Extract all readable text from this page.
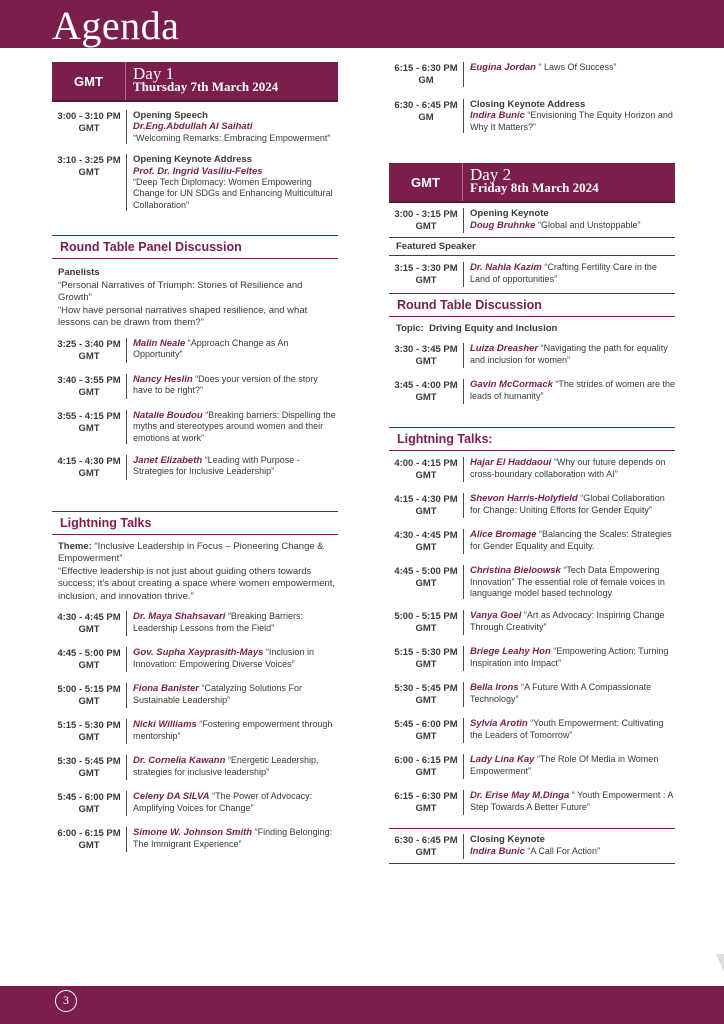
Agenda
GMT	Day 1
Thursday 7th March 2024
3:00 - 3:10 PM GMT
Opening Speech
Dr.Eng.Abdullah Al Saihati
“Welcoming Remarks: Embracing Empowerment”
3:10 - 3:25 PM GMT
Opening Keynote Address
Prof. Dr. Ingrid Vasiliu-Feltes
“Deep Tech Diplomacy: Women Empowering Change for UN SDGs and Enhancing Multicultural Collaboration”
Round Table Panel Discussion
Panelists
“Personal Narratives of Triumph: Stories of Resilience and Growth”
“How have personal narratives shaped resilience, and what lessons can be drawn from them?”
3:25 - 3:40 PM GMT
Malin Neale “Approach Change as An Opportunity”
3:40 - 3:55 PM GMT
Nancy Heslin “Does your version of the story have to be right?”
3:55 - 4:15 PM GMT
Natalie Boudou “Breaking barriers: Dispelling the myths and stereotypes around women and their emotions at work”
4:15 - 4:30 PM GMT
Janet Elizabeth “Leading with Purpose - Strategies for Inclusive Leadership”
Lightning Talks
Theme: “Inclusive Leadership in Focus – Pioneering Change & Empowerment”
“Effective leadership is not just about guiding others towards success; it’s about creating a space where women empowerment, inclusion, and innovation thrive.”
4:30 - 4:45 PM GMT
Dr. Maya Shahsavari “Breaking Barriers: Leadership Lessons from the Field”
4:45 - 5:00 PM GMT
Gov. Supha Xayprasith-Mays “Inclusion in Innovation: Empowering Diverse Voices”
5:00 - 5:15 PM GMT
Fiona Banister “Catalyzing Solutions For Sustainable Leadership”
5:15 - 5:30 PM GMT
Nicki Williams “Fostering empowerment through mentorship”
5:30 - 5:45 PM GMT
Dr. Cornelia Kawann “Energetic Leadership, strategies for inclusive leadership”
5:45 - 6:00 PM GMT
Celeny DA SILVA “The Power of Advocacy: Amplifying Voices for Change”
6:00 - 6:15 PM GMT
Simone W. Johnson Smith “Finding Belonging: The Immigrant Experience”
6:15 - 6:30 PM GM
Eugina Jordan “ Laws Of Success”
6:30 - 6:45 PM GM
Closing Keynote Address
Indira Bunic “Envisioning The Equity Horizon and Why It Matters?”
GMT	Day 2
Friday 8th March 2024
3:00 - 3:15 PM GMT
Opening Keynote
Doug Bruhnke “Global and Unstoppable”
Featured Speaker
3:15 - 3:30 PM GMT
Dr. Nahla Kazim “Crafting Fertility Care in the Land of opportunities”
Round Table Discussion
Topic: Driving Equity and Inclusion
3:30 - 3:45 PM GMT
Luiza Dreasher “Navigating the path for equality and inclusion for women”
3:45 - 4:00 PM GMT
Gavin McCormack “The strides of women are the leads of humanity”
Lightning Talks:
4:00 - 4:15 PM GMT
Hajar El Haddaoui “Why our future depends on cross-boundary collaboration with AI”
4:15 - 4:30 PM GMT
Shevon Harris-Holyfield “Global Collaboration for Change: Uniting Efforts for Gender Equity”
4:30 - 4:45 PM GMT
Alice Bromage “Balancing the Scales: Strategies for Gender Equality and Equity.
4:45 - 5:00 PM GMT
Christina Bieloowsk “Tech Data Empowering Innovation” The essential role of female voices in languange model based technology
5:00 - 5:15 PM GMT
Vanya Goel “Art as Advocacy: Inspiring Change Through Creativity”
5:15 - 5:30 PM GMT
Briege Leahy Hon “Empowering Action: Turning Inspiration into Impact”
5:30 - 5:45 PM GMT
Bella Irons “A Future With A Compassionate Technology”
5:45 - 6:00 PM GMT
Sylvia Arotin “Youth Empowerment: Cultivating the Leaders of Tomorrow”
6:00 - 6:15 PM GMT
Lady Lina Kay “The Role Of Media in Women Empowerment”
6:15 - 6:30 PM GMT
Dr. Erise May M.Dinga “ Youth Empowerment : A Step Towards A Better Future”
6:30 - 6:45 PM GMT
Closing Keynote
Indira Bunic “A Call For Action”
3
